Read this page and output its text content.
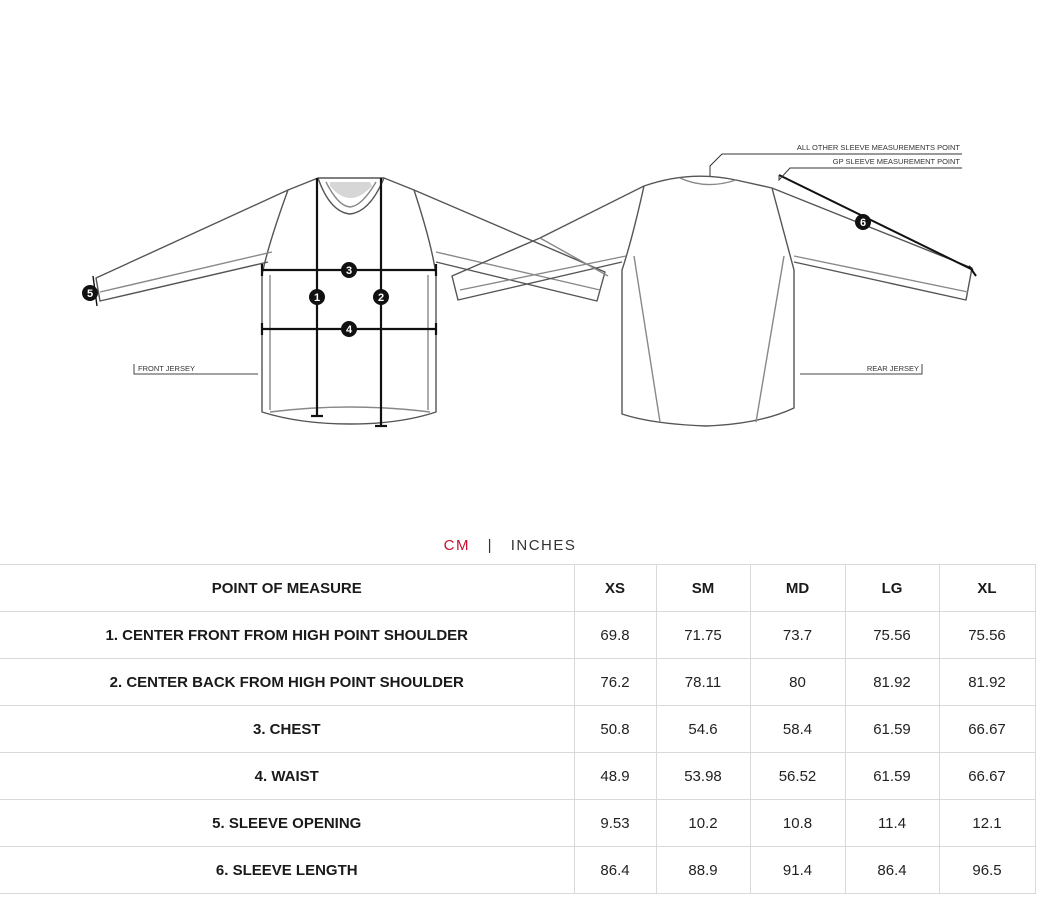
1	2
3
4
5
6
FRONT JERSEY	REAR JERSEY
ALL OTHER SLEEVE MEASUREMENTS POINT
GP SLEEVE MEASUREMENT POINT
CM | INCHES
POINT OF MEASURE	XS	SM	MD	LG	XL
1. CENTER FRONT FROM HIGH POINT SHOULDER	69.8	71.75	73.7	75.56	75.56
2. CENTER BACK FROM HIGH POINT SHOULDER	76.2	78.11	80	81.92	81.92
3. CHEST	50.8	54.6	58.4	61.59	66.67
4. WAIST	48.9	53.98	56.52	61.59	66.67
5. SLEEVE OPENING	9.53	10.2	10.8	11.4	12.1
6. SLEEVE LENGTH	86.4	88.9	91.4	86.4	96.5
